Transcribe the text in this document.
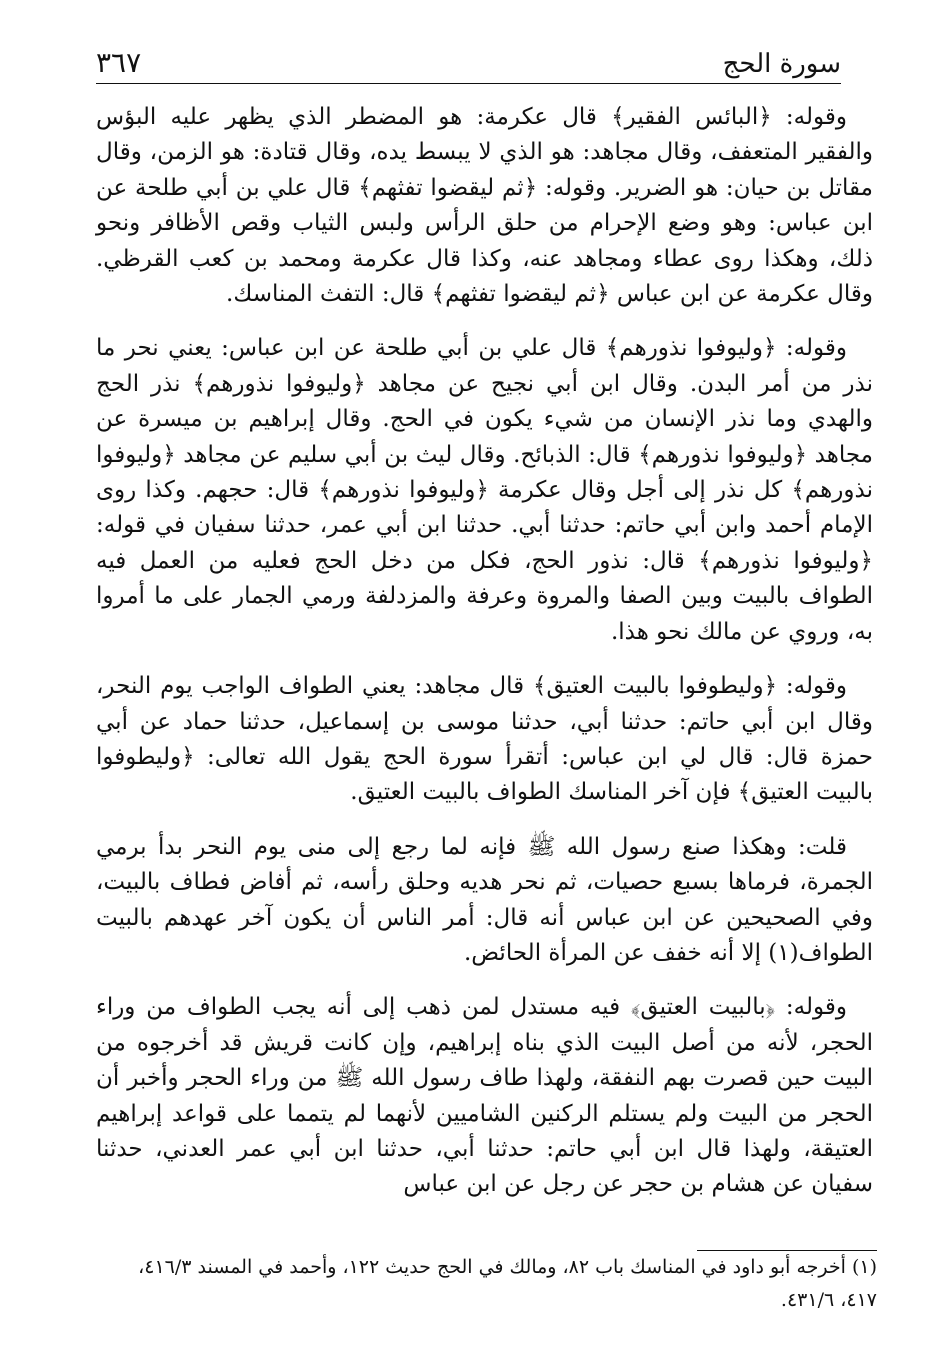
سورة الحج
٣٦٧

وقوله: ﴿البائس الفقير﴾ قال عكرمة: هو المضطر الذي يظهر عليه البؤس والفقير المتعفف، وقال مجاهد: هو الذي لا يبسط يده، وقال قتادة: هو الزمن، وقال مقاتل بن حيان: هو الضرير. وقوله: ﴿ثم ليقضوا تفثهم﴾ قال علي بن أبي طلحة عن ابن عباس: وهو وضع الإحرام من حلق الرأس ولبس الثياب وقص الأظافر ونحو ذلك، وهكذا روى عطاء ومجاهد عنه، وكذا قال عكرمة ومحمد بن كعب القرظي. وقال عكرمة عن ابن عباس ﴿ثم ليقضوا تفثهم﴾ قال: التفث المناسك.

وقوله: ﴿وليوفوا نذورهم﴾ قال علي بن أبي طلحة عن ابن عباس: يعني نحر ما نذر من أمر البدن. وقال ابن أبي نجيح عن مجاهد ﴿وليوفوا نذورهم﴾ نذر الحج والهدي وما نذر الإنسان من شيء يكون في الحج. وقال إبراهيم بن ميسرة عن مجاهد ﴿وليوفوا نذورهم﴾ قال: الذبائح. وقال ليث بن أبي سليم عن مجاهد ﴿وليوفوا نذورهم﴾ كل نذر إلى أجل وقال عكرمة ﴿وليوفوا نذورهم﴾ قال: حجهم. وكذا روى الإمام أحمد وابن أبي حاتم: حدثنا أبي. حدثنا ابن أبي عمر، حدثنا سفيان في قوله: ﴿وليوفوا نذورهم﴾ قال: نذور الحج، فكل من دخل الحج فعليه من العمل فيه الطواف بالبيت وبين الصفا والمروة وعرفة والمزدلفة ورمي الجمار على ما أمروا به، وروي عن مالك نحو هذا.

وقوله: ﴿وليطوفوا بالبيت العتيق﴾ قال مجاهد: يعني الطواف الواجب يوم النحر، وقال ابن أبي حاتم: حدثنا أبي، حدثنا موسى بن إسماعيل، حدثنا حماد عن أبي حمزة قال: قال لي ابن عباس: أتقرأ سورة الحج يقول الله تعالى: ﴿وليطوفوا بالبيت العتيق﴾ فإن آخر المناسك الطواف بالبيت العتيق.

قلت: وهكذا صنع رسول الله ﷺ فإنه لما رجع إلى منى يوم النحر بدأ برمي الجمرة، فرماها بسبع حصيات، ثم نحر هديه وحلق رأسه، ثم أفاض فطاف بالبيت، وفي الصحيحين عن ابن عباس أنه قال: أمر الناس أن يكون آخر عهدهم بالبيت الطواف(١) إلا أنه خفف عن المرأة الحائض.

وقوله: ﴿بالبيت العتيق﴾ فيه مستدل لمن ذهب إلى أنه يجب الطواف من وراء الحجر، لأنه من أصل البيت الذي بناه إبراهيم، وإن كانت قريش قد أخرجوه من البيت حين قصرت بهم النفقة، ولهذا طاف رسول الله ﷺ من وراء الحجر وأخبر أن الحجر من البيت ولم يستلم الركنين الشاميين لأنهما لم يتمما على قواعد إبراهيم العتيقة، ولهذا قال ابن أبي حاتم: حدثنا أبي، حدثنا ابن أبي عمر العدني، حدثنا سفيان عن هشام بن حجر عن رجل عن ابن عباس

(١) أخرجه أبو داود في المناسك باب ٨٢، ومالك في الحج حديث ١٢٢، وأحمد في المسند ٤١٦/٣، ٤١٧، ٤٣١/٦.
